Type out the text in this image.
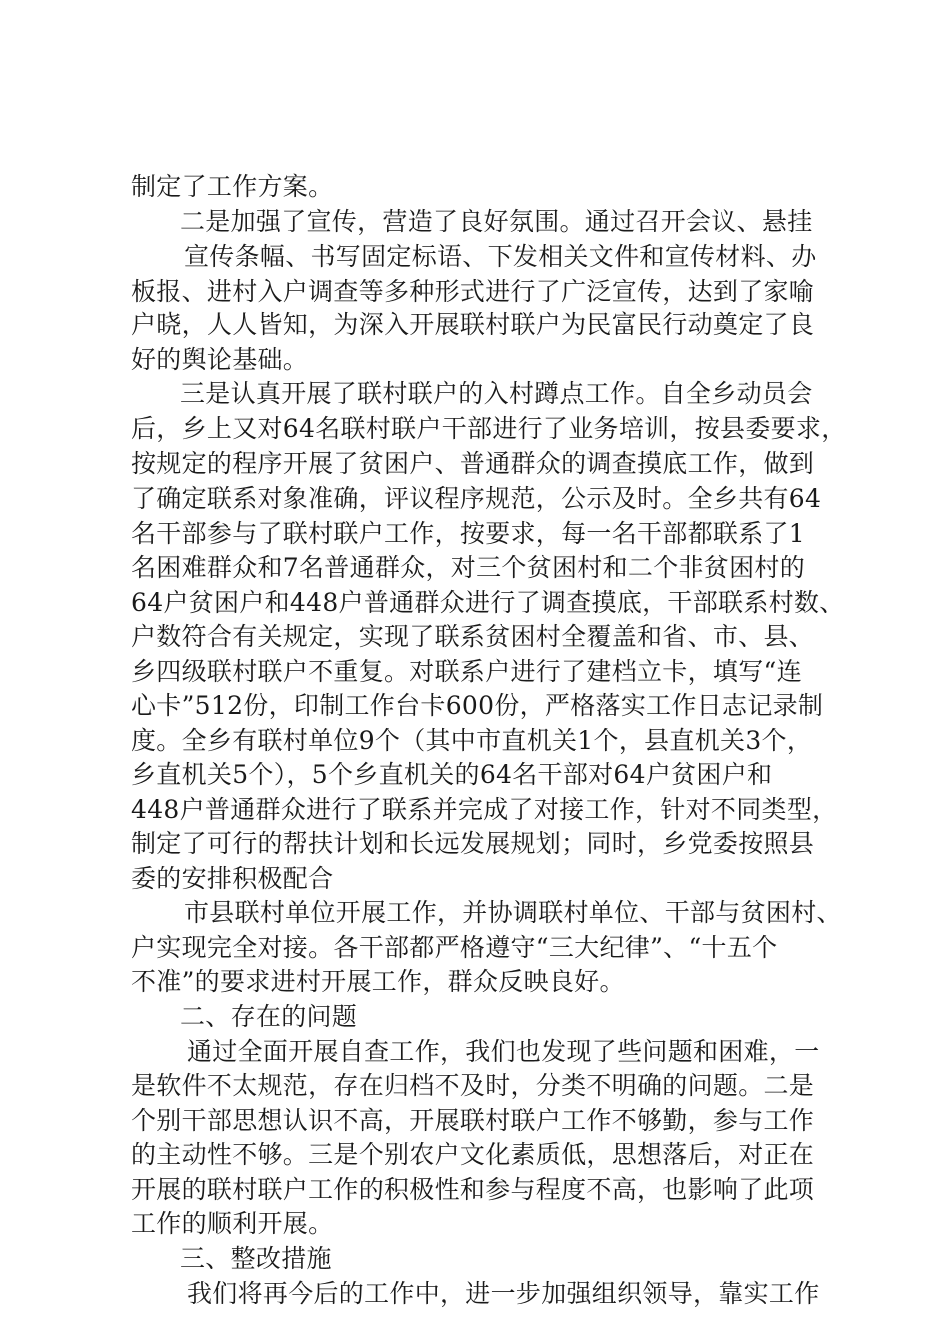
制定了工作方案。
二是加强了宣传，营造了良好氛围。通过召开会议、悬挂
宣传条幅、书写固定标语、下发相关文件和宣传材料、办
板报、进村入户调查等多种形式进行了广泛宣传，达到了家喻
户晓，人人皆知，为深入开展联村联户为民富民行动奠定了良
好的舆论基础。
三是认真开展了联村联户的入村蹲点工作。自全乡动员会
后，乡上又对64名联村联户干部进行了业务培训，按县委要求，
按规定的程序开展了贫困户、普通群众的调查摸底工作，做到
了确定联系对象准确，评议程序规范，公示及时。全乡共有64
名干部参与了联村联户工作，按要求，每一名干部都联系了1
名困难群众和7名普通群众，对三个贫困村和二个非贫困村的
64户贫困户和448户普通群众进行了调查摸底，干部联系村数、
户数符合有关规定，实现了联系贫困村全覆盖和省、市、县、
乡四级联村联户不重复。对联系户进行了建档立卡，填写“连
心卡”512份，印制工作台卡600份，严格落实工作日志记录制
度。全乡有联村单位9个（其中市直机关1个，县直机关3个，
乡直机关5个），5个乡直机关的64名干部对64户贫困户和
448户普通群众进行了联系并完成了对接工作，针对不同类型，
制定了可行的帮扶计划和长远发展规划；同时，乡党委按照县
委的安排积极配合
市县联村单位开展工作，并协调联村单位、干部与贫困村、
户实现完全对接。各干部都严格遵守“三大纪律”、“十五个
不准”的要求进村开展工作，群众反映良好。
二、存在的问题
通过全面开展自查工作，我们也发现了些问题和困难，一
是软件不太规范，存在归档不及时，分类不明确的问题。二是
个别干部思想认识不高，开展联村联户工作不够勤，参与工作
的主动性不够。三是个别农户文化素质低，思想落后，对正在
开展的联村联户工作的积极性和参与程度不高，也影响了此项
工作的顺利开展。
三、整改措施
我们将再今后的工作中，进一步加强组织领导，靠实工作
